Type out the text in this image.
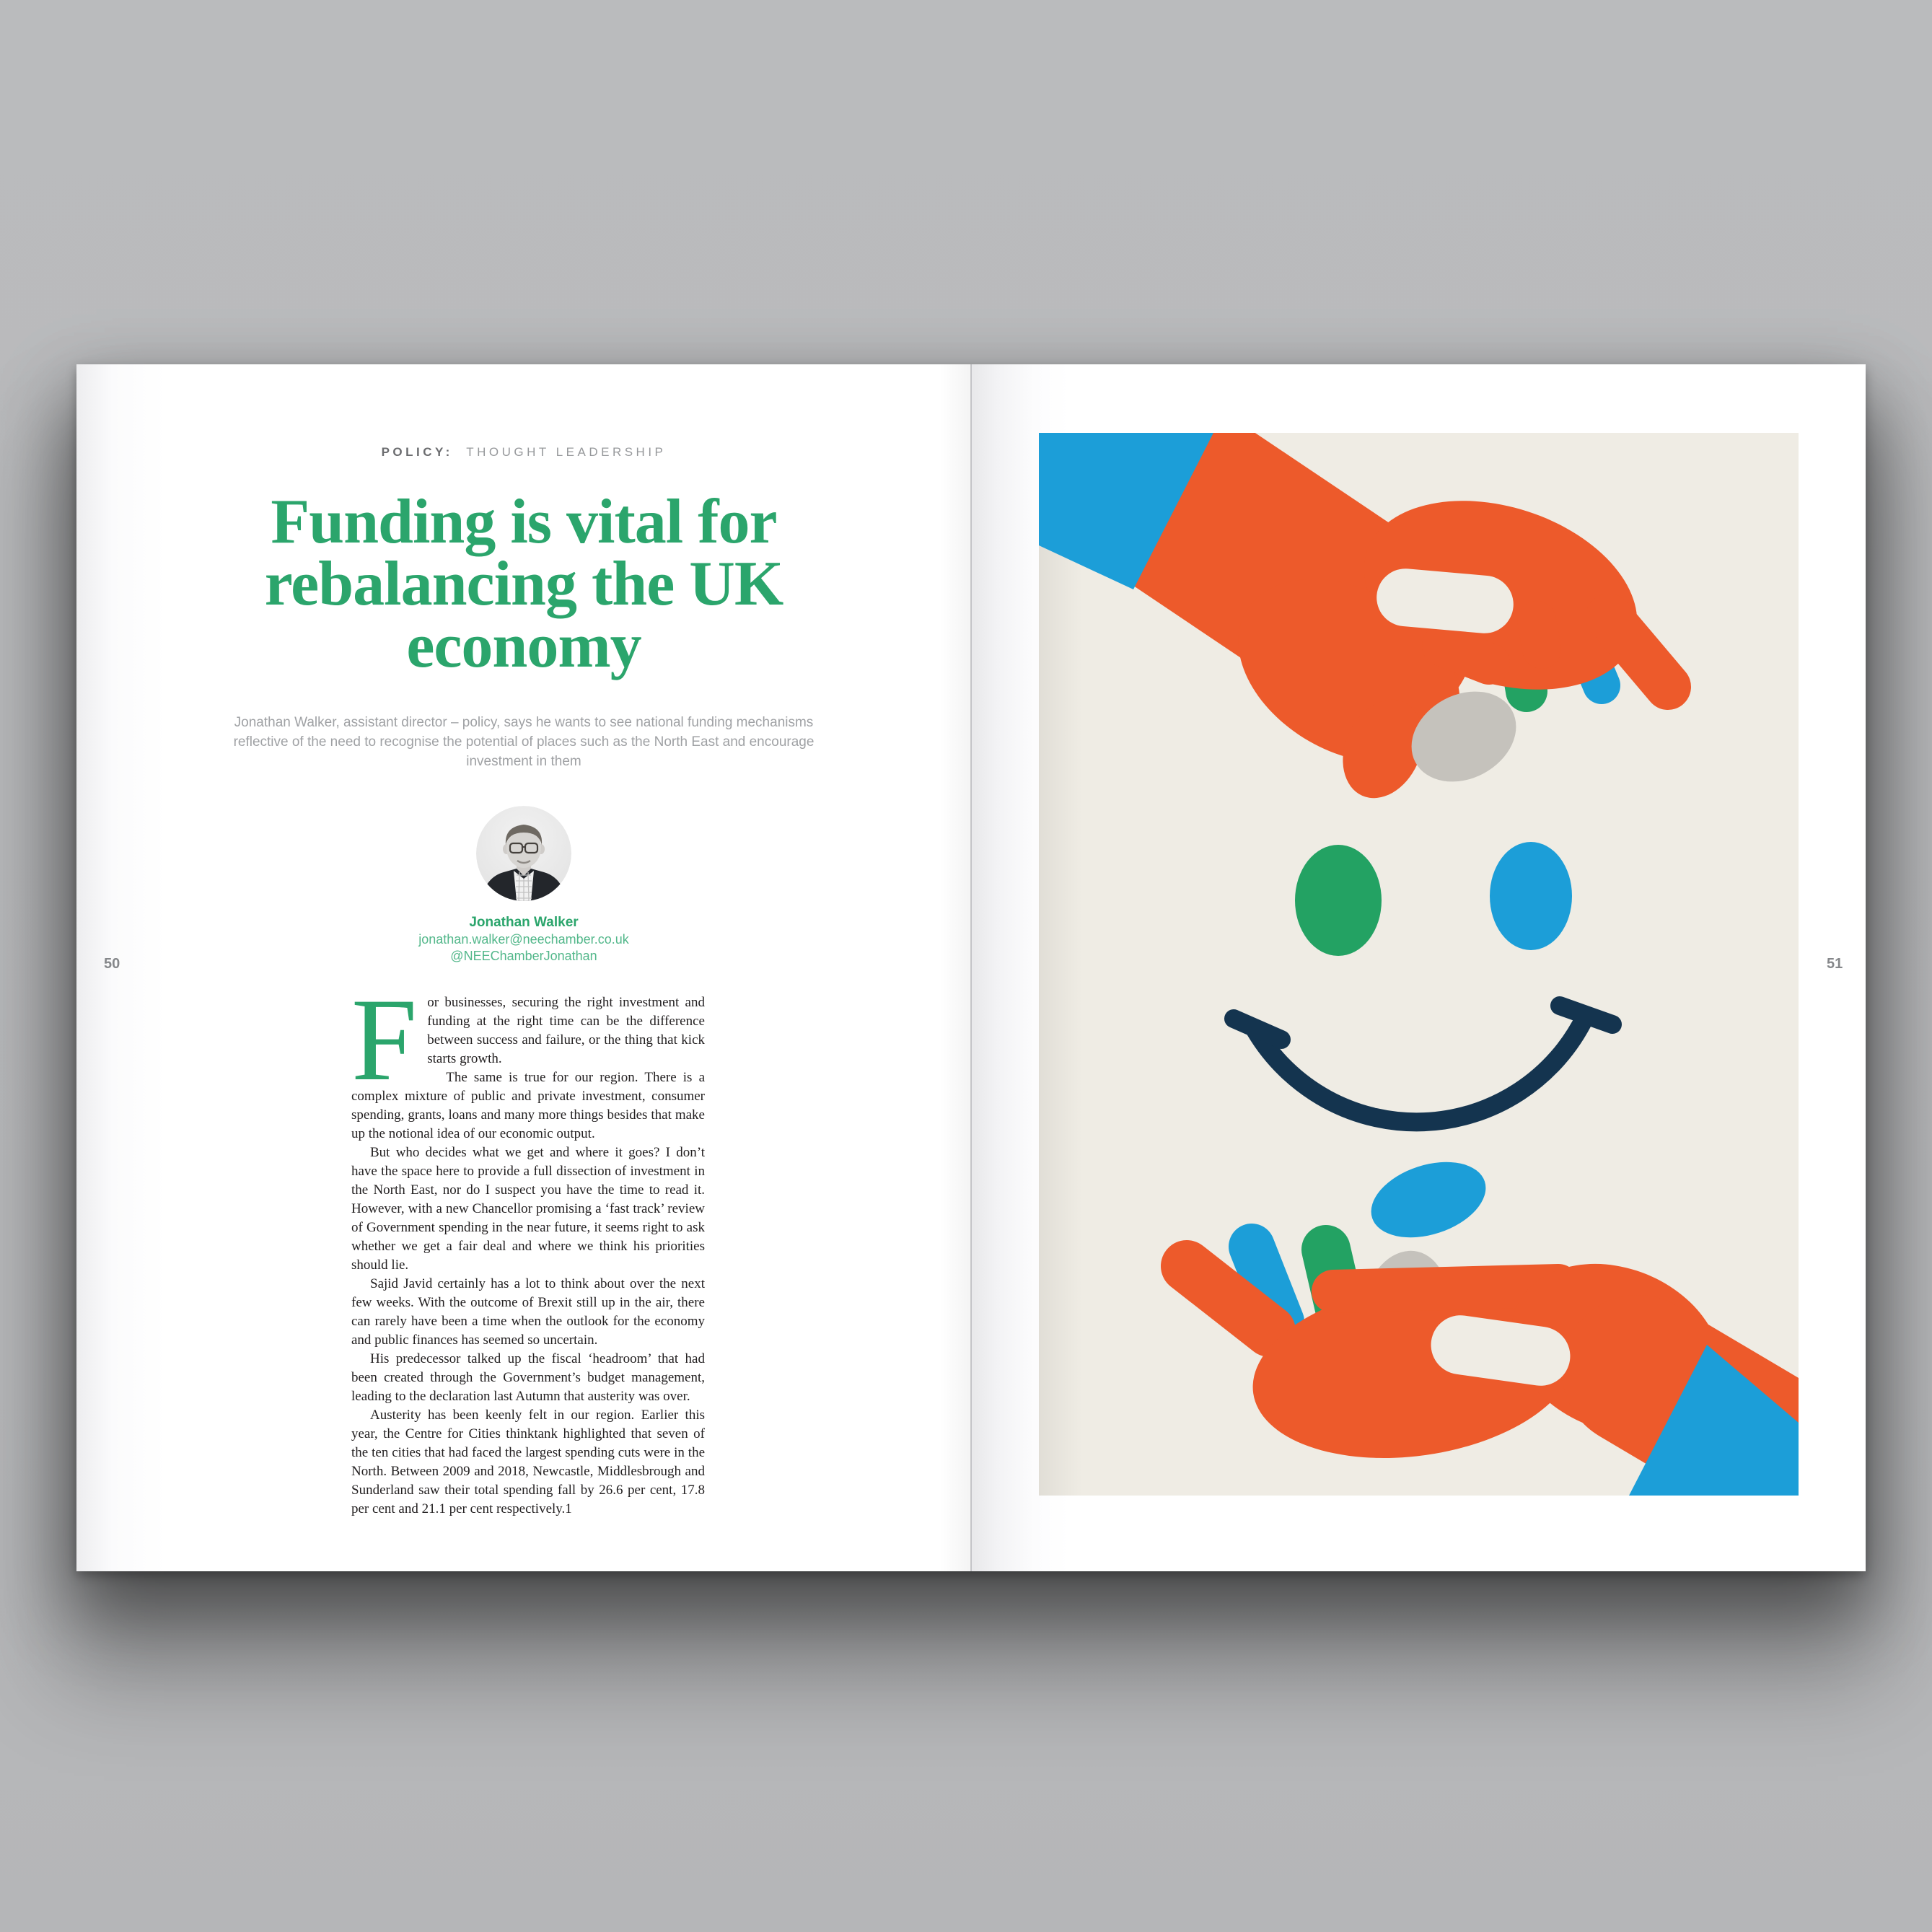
POLICY: THOUGHT LEADERSHIP
Funding is vital for
rebalancing the UK
economy
Jonathan Walker, assistant director – policy, says he wants to see national funding mechanisms
reflective of the need to recognise the potential of places such as the North East and encourage
investment in them
Jonathan Walker
jonathan.walker@neechamber.co.uk
@NEEChamberJonathan

For businesses, securing the right investment and funding at the right time can be the difference between success and failure, or the thing that kick starts growth.

The same is true for our region. There is a complex mixture of public and private investment, consumer spending, grants, loans and many more things besides that make up the notional idea of our economic output.

But who decides what we get and where it goes? I don’t have the space here to provide a full dissection of investment in the North East, nor do I suspect you have the time to read it. However, with a new Chancellor promising a ‘fast track’ review of Government spending in the near future, it seems right to ask whether we get a fair deal and where we think his priorities should lie.

Sajid Javid certainly has a lot to think about over the next few weeks. With the outcome of Brexit still up in the air, there can rarely have been a time when the outlook for the economy and public finances has seemed so uncertain.

His predecessor talked up the fiscal ‘headroom’ that had been created through the Government’s budget management, leading to the declaration last Autumn that austerity was over.

Austerity has been keenly felt in our region. Earlier this year, the Centre for Cities thinktank highlighted that seven of the ten cities that had faced the largest spending cuts were in the North. Between 2009 and 2018, Newcastle, Middlesbrough and Sunderland saw their total spending fall by 26.6 per cent, 17.8 per cent and 21.1 per cent respectively.1

50	51
